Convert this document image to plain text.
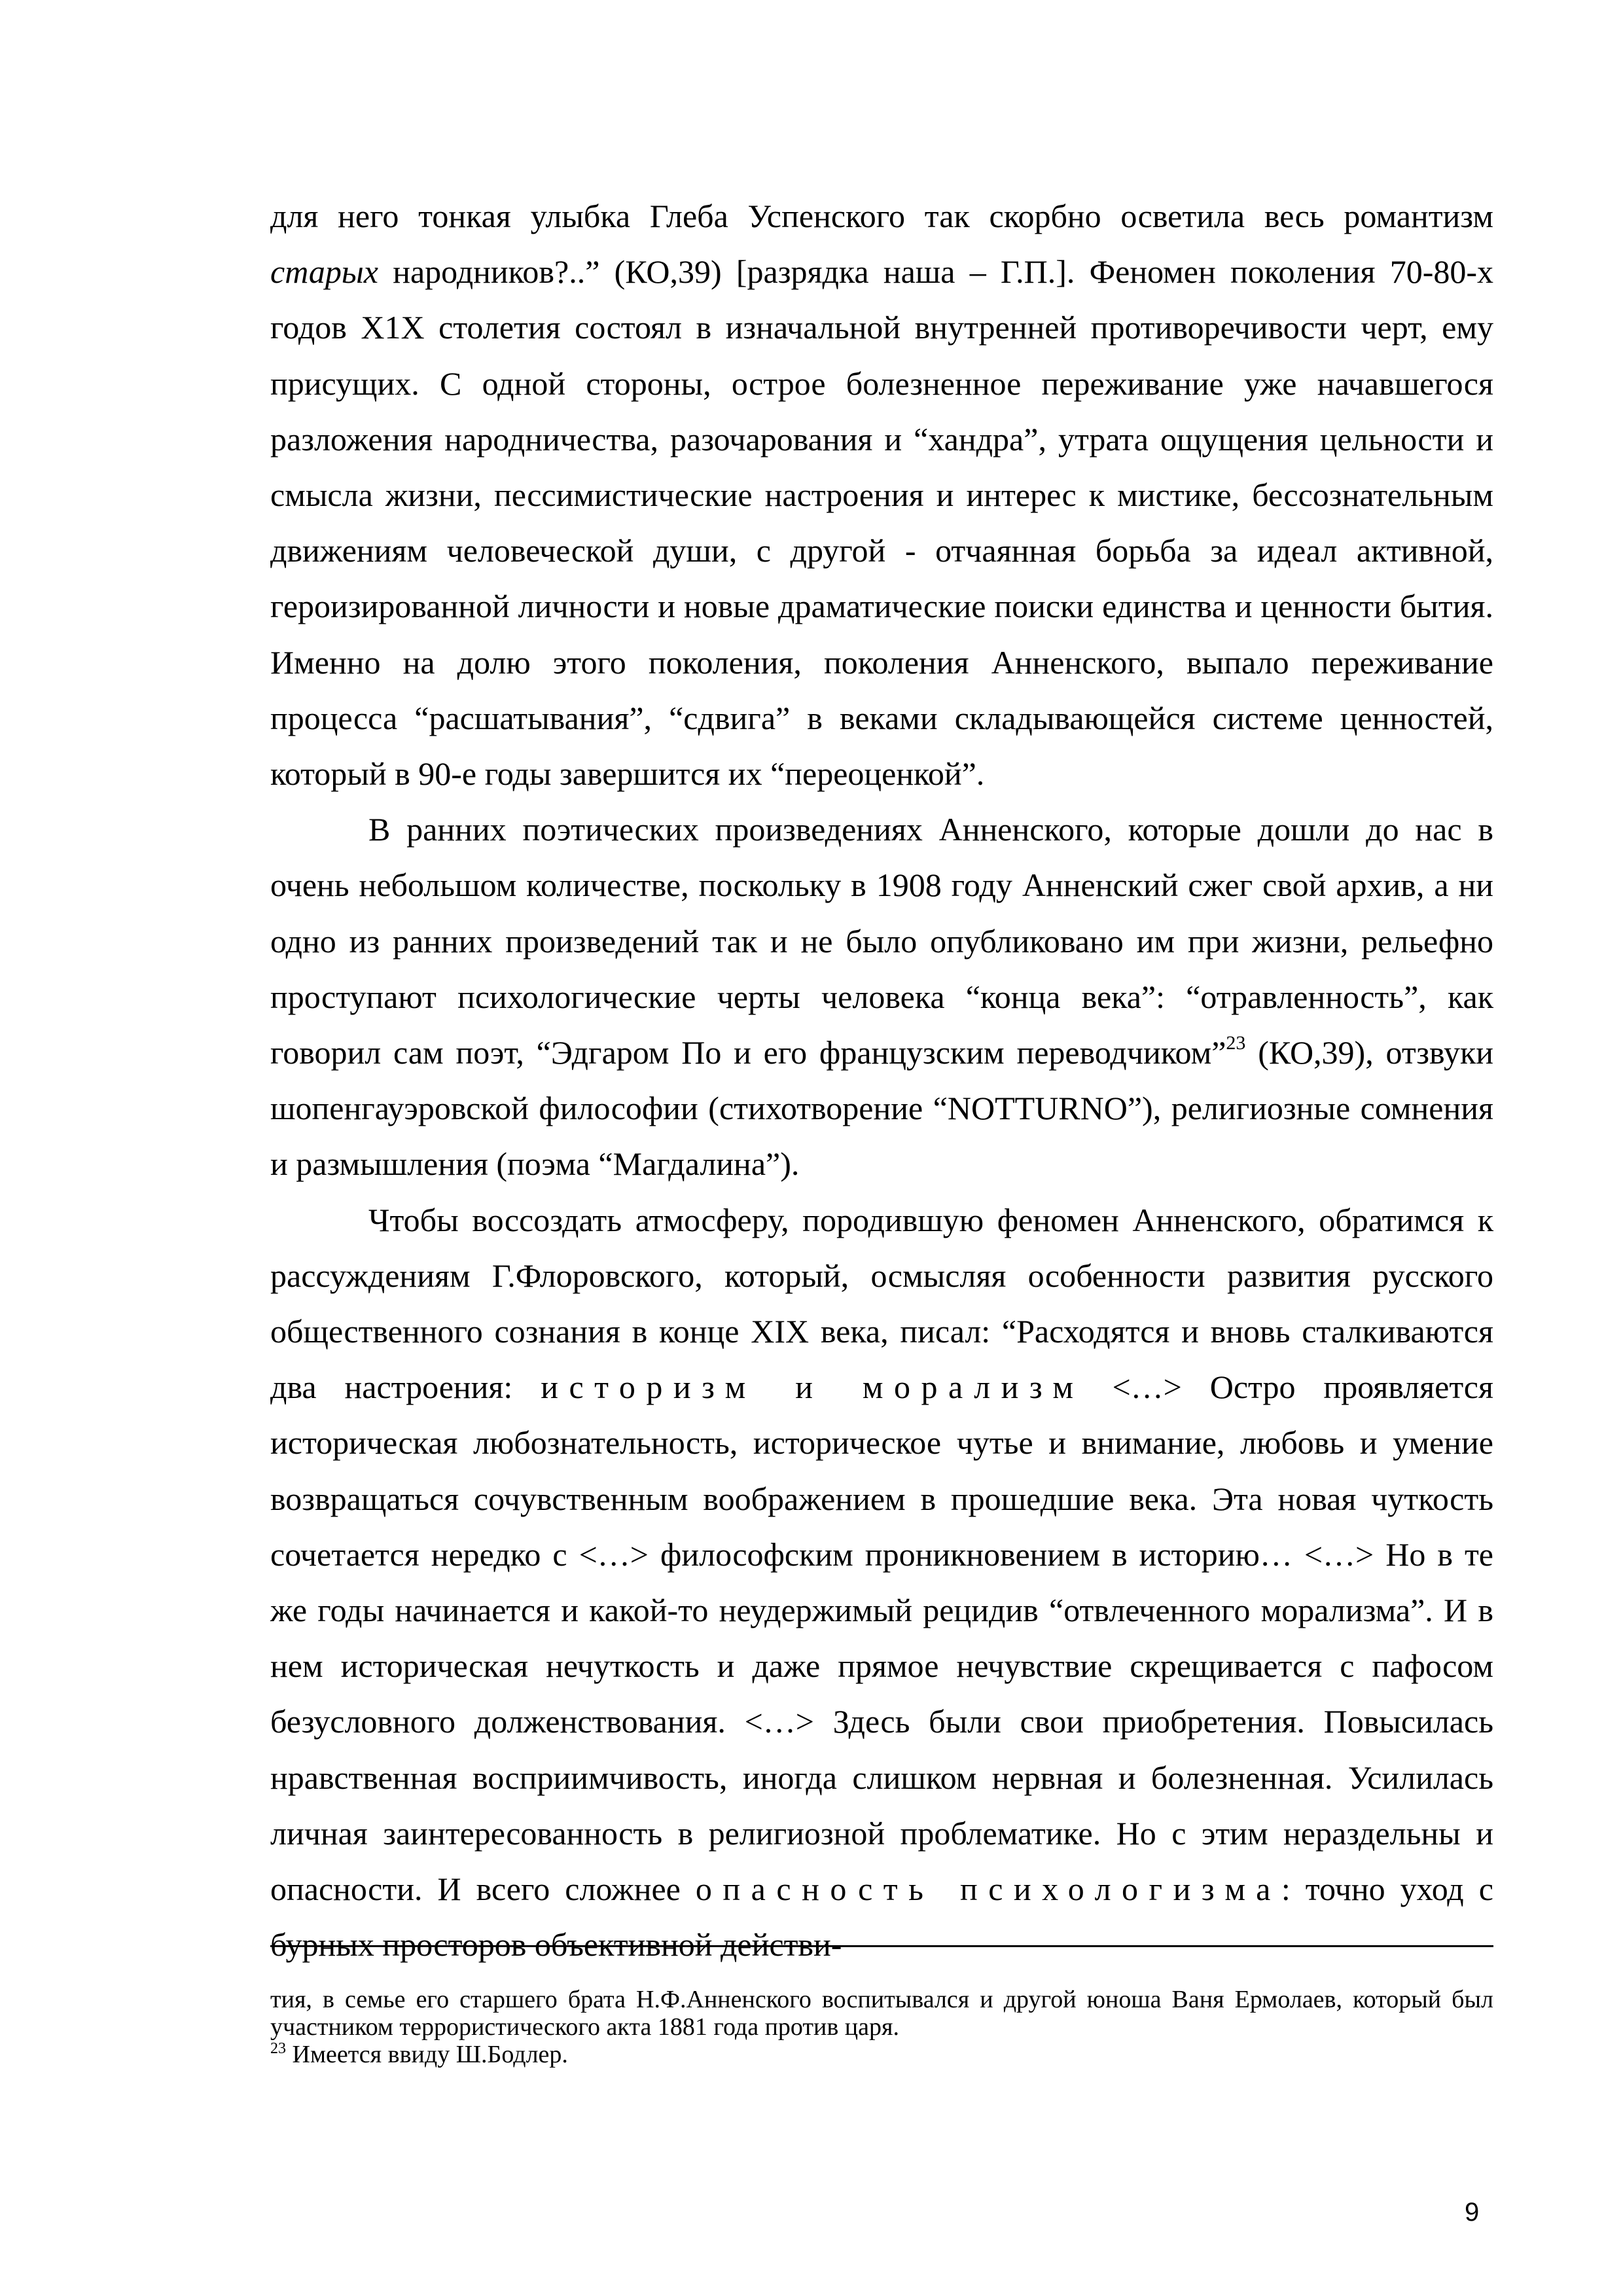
для него тонкая улыбка Глеба Успенского так скорбно осветила весь романтизм старых народников?..” (КО,39) [разрядка наша – Г.П.]. Феномен поколения 70-80-х годов Х1Х столетия состоял в изначальной внутренней противоречивости черт, ему присущих. С одной стороны, острое болезненное переживание уже начавшегося разложения народничества, разочарования и “хандра”, утрата ощущения цельности и смысла жизни, пессимистические настроения и интерес к мистике, бессознательным движениям человеческой души, с другой - отчаянная борьба за идеал активной, героизированной личности и новые драматические поиски единства и ценности бытия. Именно на долю этого поколения, поколения Анненского, выпало переживание процесса “расшатывания”, “сдвига” в веками складывающейся системе ценностей, который в 90-е годы завершится их “переоценкой”.

В ранних поэтических произведениях Анненского, которые дошли до нас в очень небольшом количестве, поскольку в 1908 году Анненский сжег свой архив, а ни одно из ранних произведений так и не было опубликовано им при жизни, рельефно проступают психологические черты человека “конца века”: “отравленность”, как говорил сам поэт, “Эдгаром По и его французским переводчиком”$^{23}$ (КО,39), отзвуки шопенгауэровской философии (стихотворение “NOTTURNO”), религиозные сомнения и размышления (поэма “Магдалина”).

Чтобы воссоздать атмосферу, породившую феномен Анненского, обратимся к рассуждениям Г.Флоровского, который, осмысляя особенности развития русского общественного сознания в конце XIX века, писал: “Расходятся и вновь сталкиваются два настроения: историзм и морализм <…> Остро проявляется историческая любознательность, историческое чутье и внимание, любовь и умение возвращаться сочувственным воображением в прошедшие века. Эта новая чуткость сочетается нередко с <…> философским проникновением в историю… <…> Но в те же годы начинается и какой-то неудержимый рецидив “отвлеченного морализма”. И в нем историческая нечуткость и даже прямое нечувствие скрещивается с пафосом безусловного долженствования. <…> Здесь были свои приобретения. Повысилась нравственная восприимчивость, иногда слишком нервная и болезненная. Усилилась личная заинтересованность в религиозной проблематике. Но с этим нераздельны и опасности. И всего сложнее опасность психологизма: точно уход с бурных просторов объективной действи-

тия, в семье его старшего брата Н.Ф.Анненского воспитывался и другой юноша Ваня Ермолаев, который был участником террористического акта 1881 года против царя.

$^{23}$ Имеется ввиду Ш.Бодлер.

9
